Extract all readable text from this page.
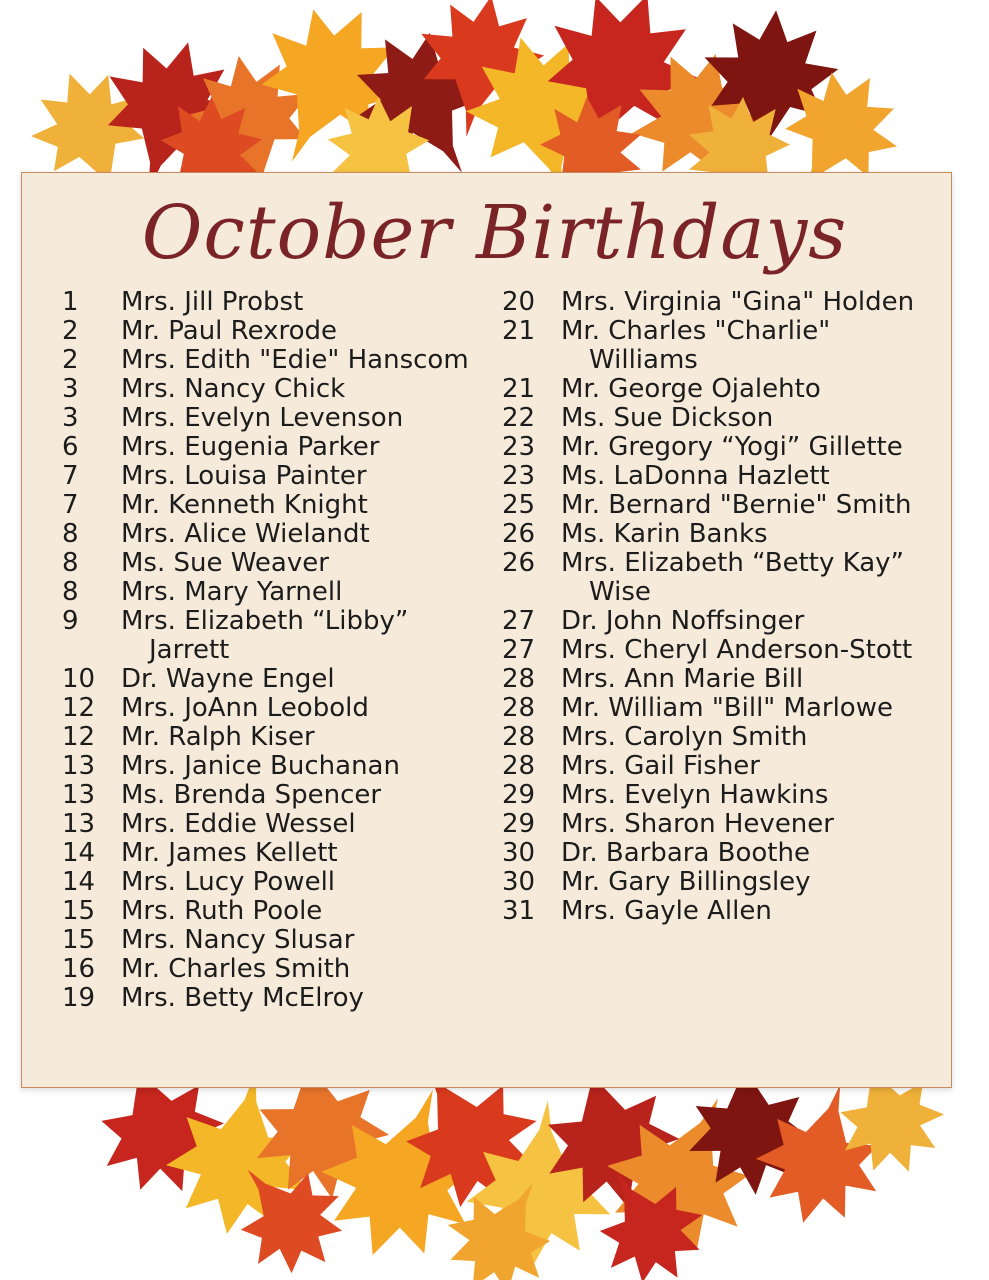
October Birthdays
1	Mrs. Jill Probst
2	Mr. Paul Rexrode
2	Mrs. Edith "Edie" Hanscom
3	Mrs. Nancy Chick
3	Mrs. Evelyn Levenson
6	Mrs. Eugenia Parker
7	Mrs. Louisa Painter
7	Mr. Kenneth Knight
8	Mrs. Alice Wielandt
8	Ms. Sue Weaver
8	Mrs. Mary Yarnell
9	Mrs. Elizabeth “Libby”
Jarrett
10 Dr. Wayne Engel
12 Mrs. JoAnn Leobold
12 Mr. Ralph Kiser
13 Mrs. Janice Buchanan
13 Ms. Brenda Spencer
13 Mrs. Eddie Wessel
14 Mr. James Kellett
14 Mrs. Lucy Powell
15 Mrs. Ruth Poole
15 Mrs. Nancy Slusar
16 Mr. Charles Smith
19 Mrs. Betty McElroy
20 Mrs. Virginia "Gina" Holden
21 Mr. Charles "Charlie"
Williams
21 Mr. George Ojalehto
22 Ms. Sue Dickson
23 Mr. Gregory “Yogi” Gillette
23 Ms. LaDonna Hazlett
25 Mr. Bernard "Bernie" Smith
26 Ms. Karin Banks
26 Mrs. Elizabeth “Betty Kay”
Wise
27 Dr. John Noffsinger
27 Mrs. Cheryl Anderson-Stott
28 Mrs. Ann Marie Bill
28 Mr. William "Bill" Marlowe
28 Mrs. Carolyn Smith
28 Mrs. Gail Fisher
29 Mrs. Evelyn Hawkins
29 Mrs. Sharon Hevener
30 Dr. Barbara Boothe
30 Mr. Gary Billingsley
31 Mrs. Gayle Allen
